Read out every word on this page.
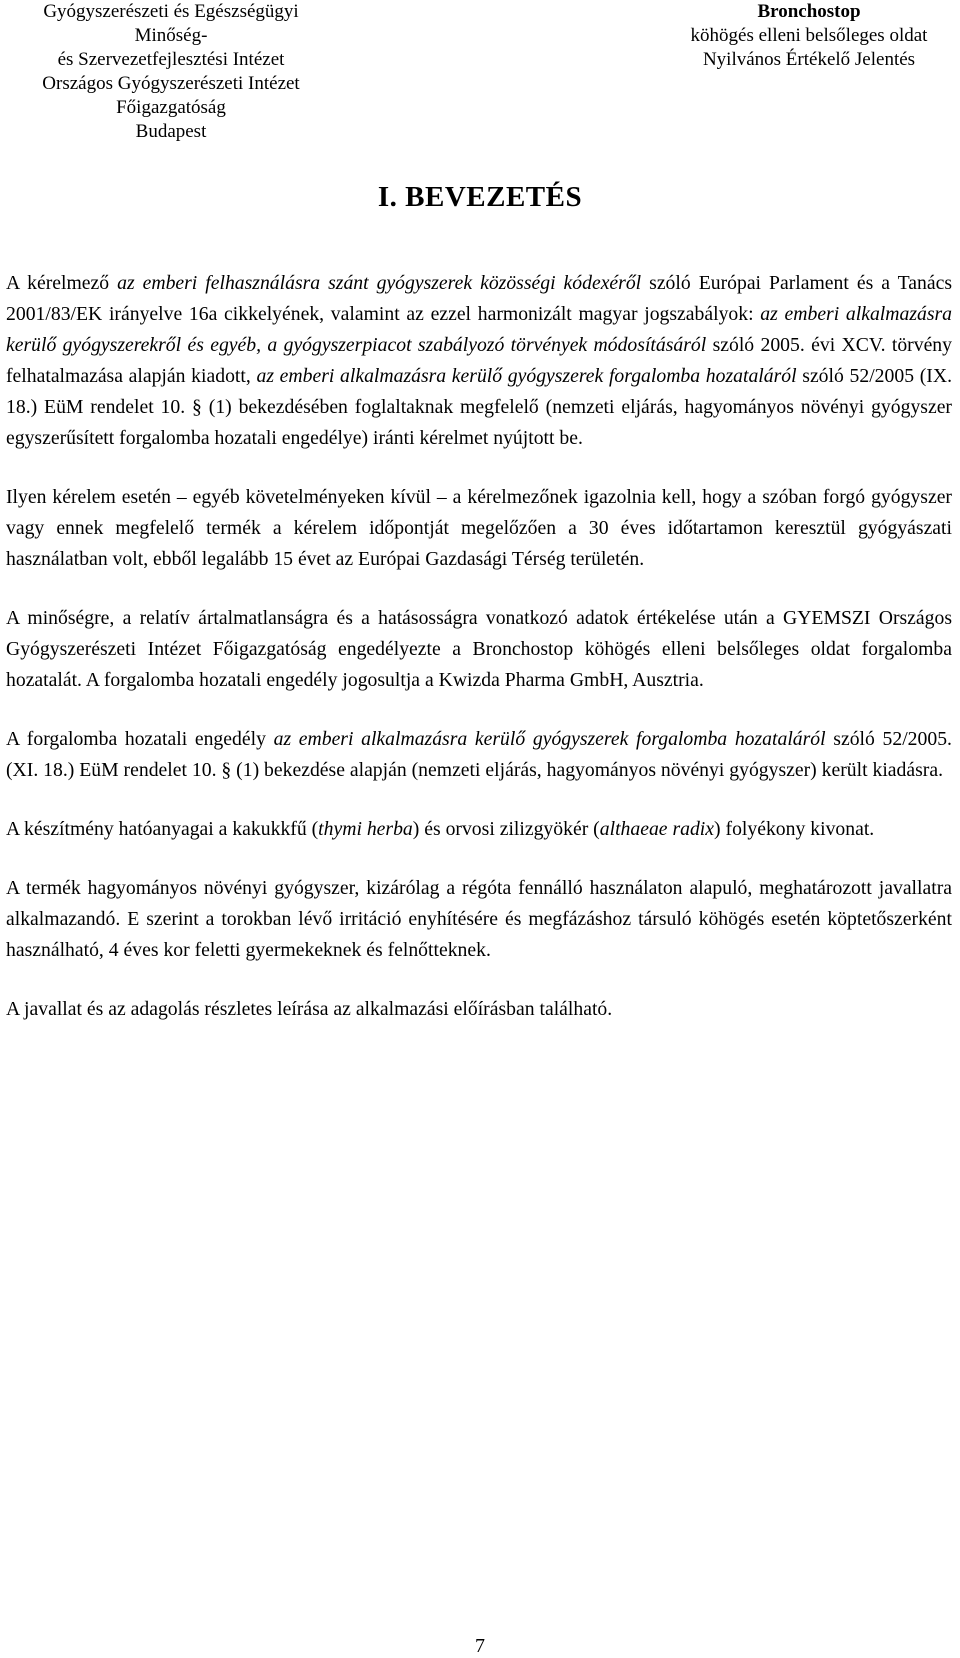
Gyógyszerészeti és Egészségügyi Minőség-
és Szervezetfejlesztési Intézet
Országos Gyógyszerészeti Intézet
Főigazgatóság
Budapest
Bronchostop
köhögés elleni belsőleges oldat
Nyilvános Értékelő Jelentés
I. BEVEZETÉS

A kérelmező az emberi felhasználásra szánt gyógyszerek közösségi kódexéről szóló Európai Parlament és a Tanács 2001/83/EK irányelve 16a cikkelyének, valamint az ezzel harmonizált magyar jogszabályok: az emberi alkalmazásra kerülő gyógyszerekről és egyéb, a gyógyszerpiacot szabályozó törvények módosításáról szóló 2005. évi XCV. törvény felhatalmazása alapján kiadott, az emberi alkalmazásra kerülő gyógyszerek forgalomba hozataláról szóló 52/2005 (IX. 18.) EüM rendelet 10. § (1) bekezdésében foglaltaknak megfelelő (nemzeti eljárás, hagyományos növényi gyógyszer egyszerűsített forgalomba hozatali engedélye) iránti kérelmet nyújtott be.

Ilyen kérelem esetén – egyéb követelményeken kívül – a kérelmezőnek igazolnia kell, hogy a szóban forgó gyógyszer vagy ennek megfelelő termék a kérelem időpontját megelőzően a 30 éves időtartamon keresztül gyógyászati használatban volt, ebből legalább 15 évet az Európai Gazdasági Térség területén.

A minőségre, a relatív ártalmatlanságra és a hatásosságra vonatkozó adatok értékelése után a GYEMSZI Országos Gyógyszerészeti Intézet Főigazgatóság engedélyezte a Bronchostop köhögés elleni belsőleges oldat forgalomba hozatalát. A forgalomba hozatali engedély jogosultja a Kwizda Pharma GmbH, Ausztria.

A forgalomba hozatali engedély az emberi alkalmazásra kerülő gyógyszerek forgalomba hozataláról szóló 52/2005. (XI. 18.) EüM rendelet 10. § (1) bekezdése alapján (nemzeti eljárás, hagyományos növényi gyógyszer) került kiadásra.

A készítmény hatóanyagai a kakukkfű (thymi herba) és orvosi zilizgyökér (althaeae radix) folyékony kivonat.

A termék hagyományos növényi gyógyszer, kizárólag a régóta fennálló használaton alapuló, meghatározott javallatra alkalmazandó. E szerint a torokban lévő irritáció enyhítésére és megfázáshoz társuló köhögés esetén köptetőszerként használható, 4 éves kor feletti gyermekeknek és felnőtteknek.

A javallat és az adagolás részletes leírása az alkalmazási előírásban található.

7
